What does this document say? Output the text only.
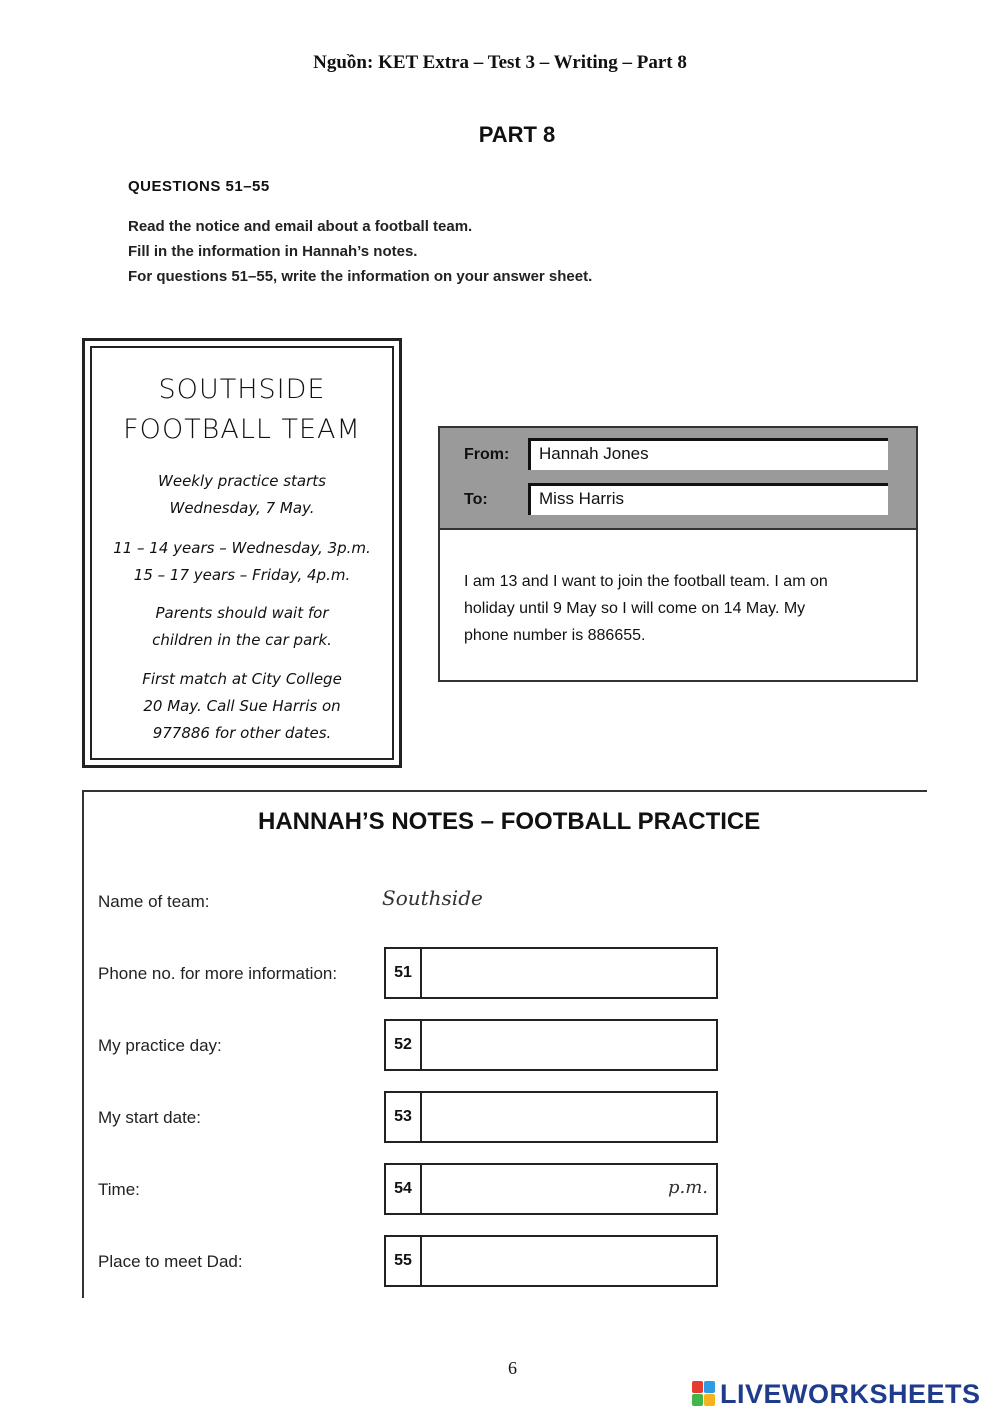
Nguồn: KET Extra – Test 3 – Writing – Part 8
PART 8
QUESTIONS 51–55
Read the notice and email about a football team.
Fill in the information in Hannah’s notes.
For questions 51–55, write the information on your answer sheet.
SOUTHSIDE
FOOTBALL TEAM
Weekly practice starts
Wednesday, 7 May.
11 – 14 years – Wednesday, 3p.m.
15 – 17 years – Friday, 4p.m.
Parents should wait for
children in the car park.
First match at City College
20 May. Call Sue Harris on
977886 for other dates.
From:	Hannah Jones
To:	Miss Harris
I am 13 and I want to join the football team. I am on
holiday until 9 May so I will come on 14 May. My
phone number is 886655.
HANNAH’S NOTES – FOOTBALL PRACTICE
Name of team:	Southside
Phone no. for more information:	51
My practice day:	52
My start date:	53
Time:	54	p.m.
Place to meet Dad:	55
6
LIVEWORKSHEETS
